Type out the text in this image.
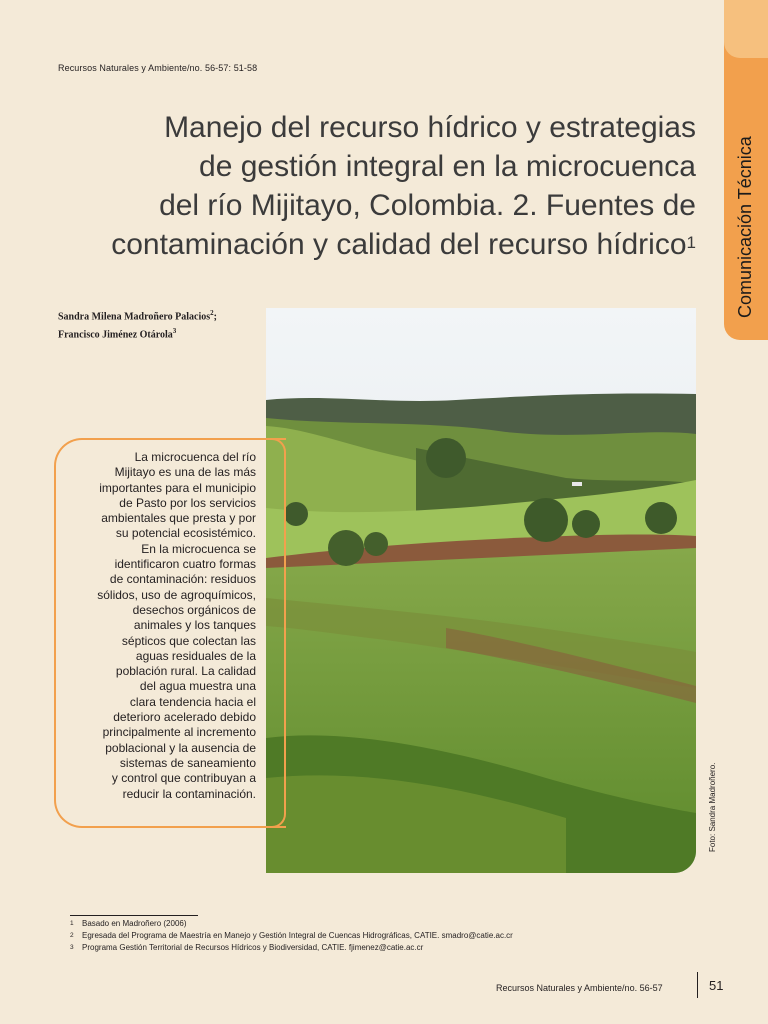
Recursos Naturales y Ambiente/no. 56-57: 51-58
Comunicación Técnica
Manejo del recurso hídrico y estrategias
de gestión integral en la microcuenca
del río Mijitayo, Colombia. 2. Fuentes de
contaminación y calidad del recurso hídrico$^1$
Sandra Milena Madroñero Palacios$^2$;
Francisco Jiménez Otárola$^3$
Foto: Sandra Madroñero.
La microcuenca del río
Mijitayo es una de las más
importantes para el municipio
de Pasto por los servicios
ambientales que presta y por
su potencial ecosistémico.
En la microcuenca se
identificaron cuatro formas
de contaminación: residuos
sólidos, uso de agroquímicos,
desechos orgánicos de
animales y los tanques
sépticos que colectan las
aguas residuales de la
población rural. La calidad
del agua muestra una
clara tendencia hacia el
deterioro acelerado debido
principalmente al incremento
poblacional y la ausencia de
sistemas de saneamiento
y control que contribuyan a
reducir la contaminación.
1 Basado en Madroñero (2006)
2 Egresada del Programa de Maestría en Manejo y Gestión Integral de Cuencas Hidrográficas, CATIE. smadro@catie.ac.cr
3 Programa Gestión Territorial de Recursos Hídricos y Biodiversidad, CATIE. fjimenez@catie.ac.cr
Recursos Naturales y Ambiente/no. 56-57	51
